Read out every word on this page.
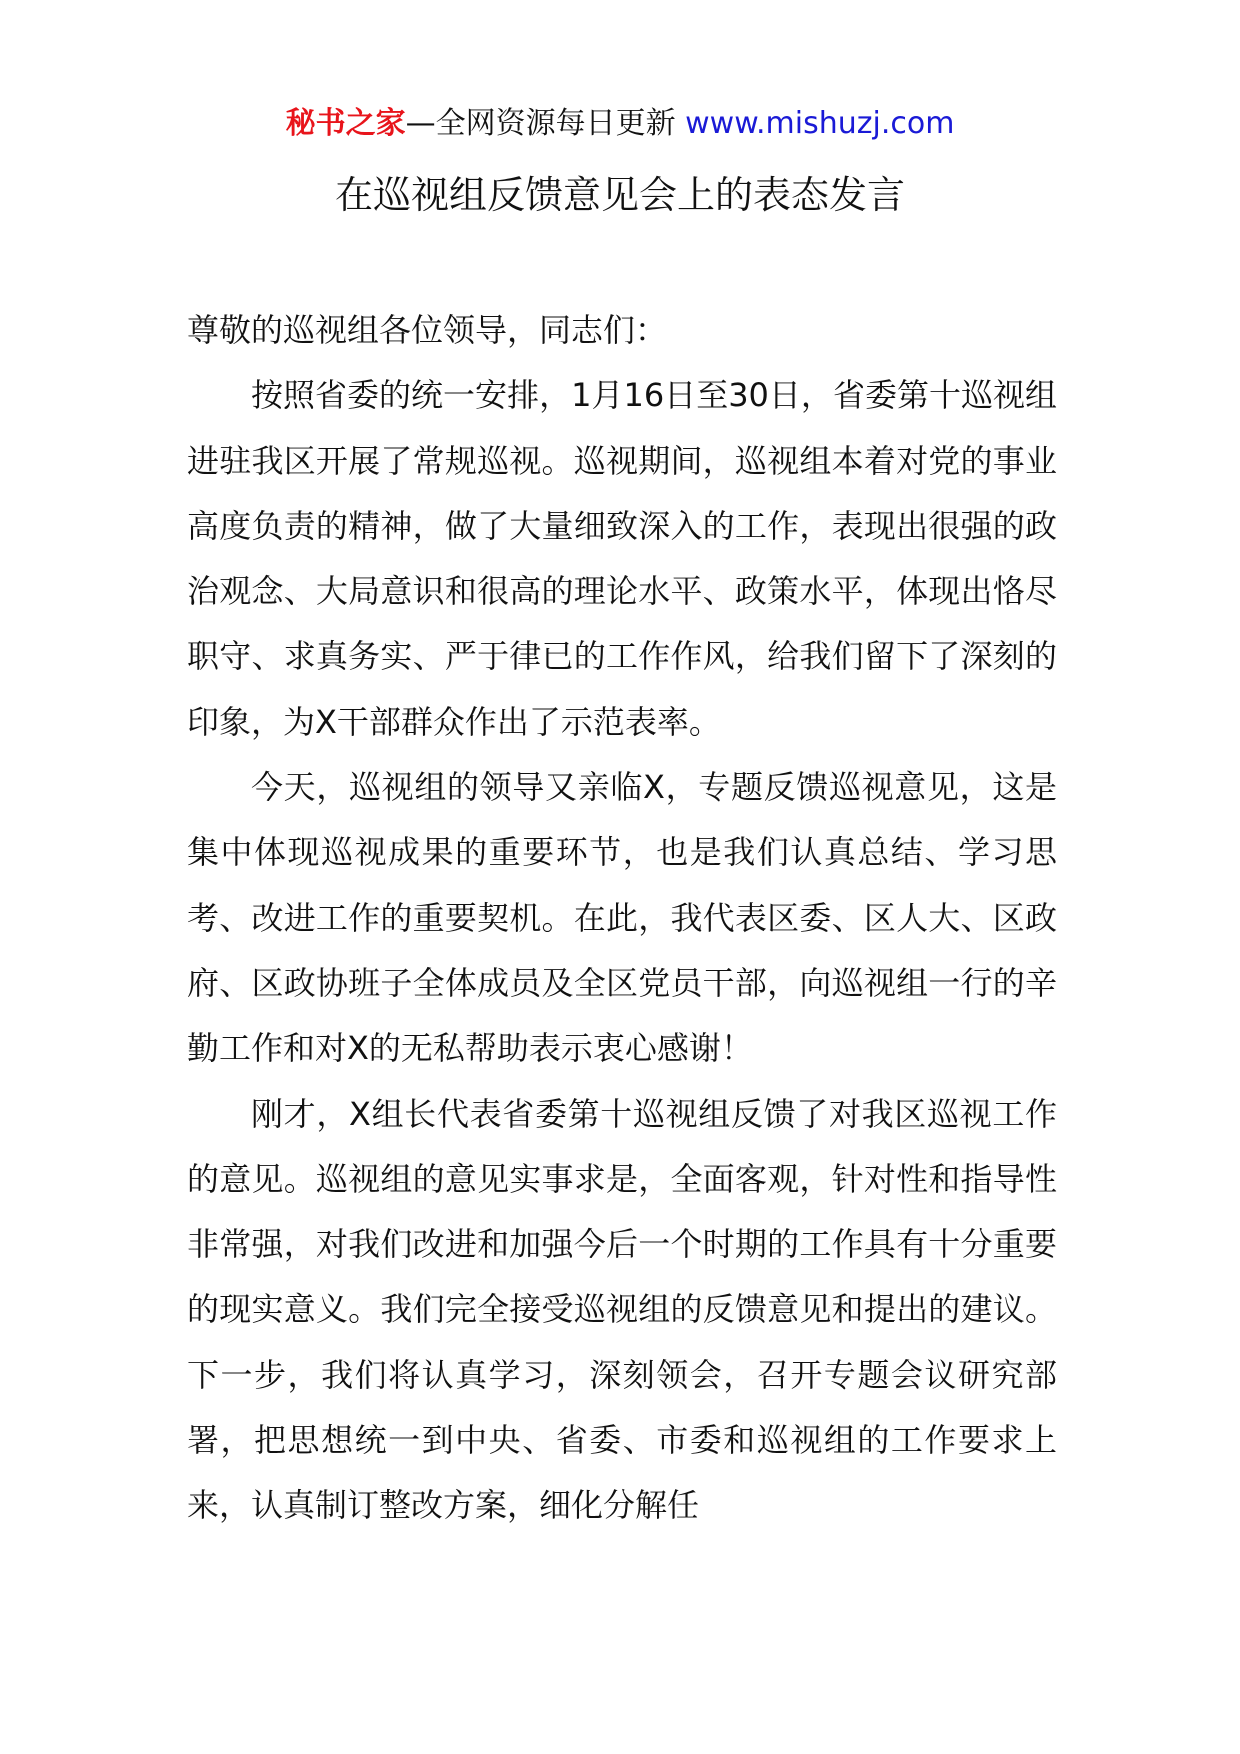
秘书之家—全网资源每日更新 www.mishuzj.com
在巡视组反馈意见会上的表态发言

尊敬的巡视组各位领导，同志们：

按照省委的统一安排，1月16日至30日，省委第十巡视组进驻我区开展了常规巡视。巡视期间，巡视组本着对党的事业高度负责的精神，做了大量细致深入的工作，表现出很强的政治观念、大局意识和很高的理论水平、政策水平，体现出恪尽职守、求真务实、严于律已的工作作风，给我们留下了深刻的印象，为X干部群众作出了示范表率。

今天，巡视组的领导又亲临X，专题反馈巡视意见，这是集中体现巡视成果的重要环节，也是我们认真总结、学习思考、改进工作的重要契机。在此，我代表区委、区人大、区政府、区政协班子全体成员及全区党员干部，向巡视组一行的辛勤工作和对X的无私帮助表示衷心感谢！

刚才，X组长代表省委第十巡视组反馈了对我区巡视工作的意见。巡视组的意见实事求是，全面客观，针对性和指导性非常强，对我们改进和加强今后一个时期的工作具有十分重要的现实意义。我们完全接受巡视组的反馈意见和提出的建议。下一步，我们将认真学习，深刻领会，召开专题会议研究部署，把思想统一到中央、省委、市委和巡视组的工作要求上来，认真制订整改方案，细化分解任
